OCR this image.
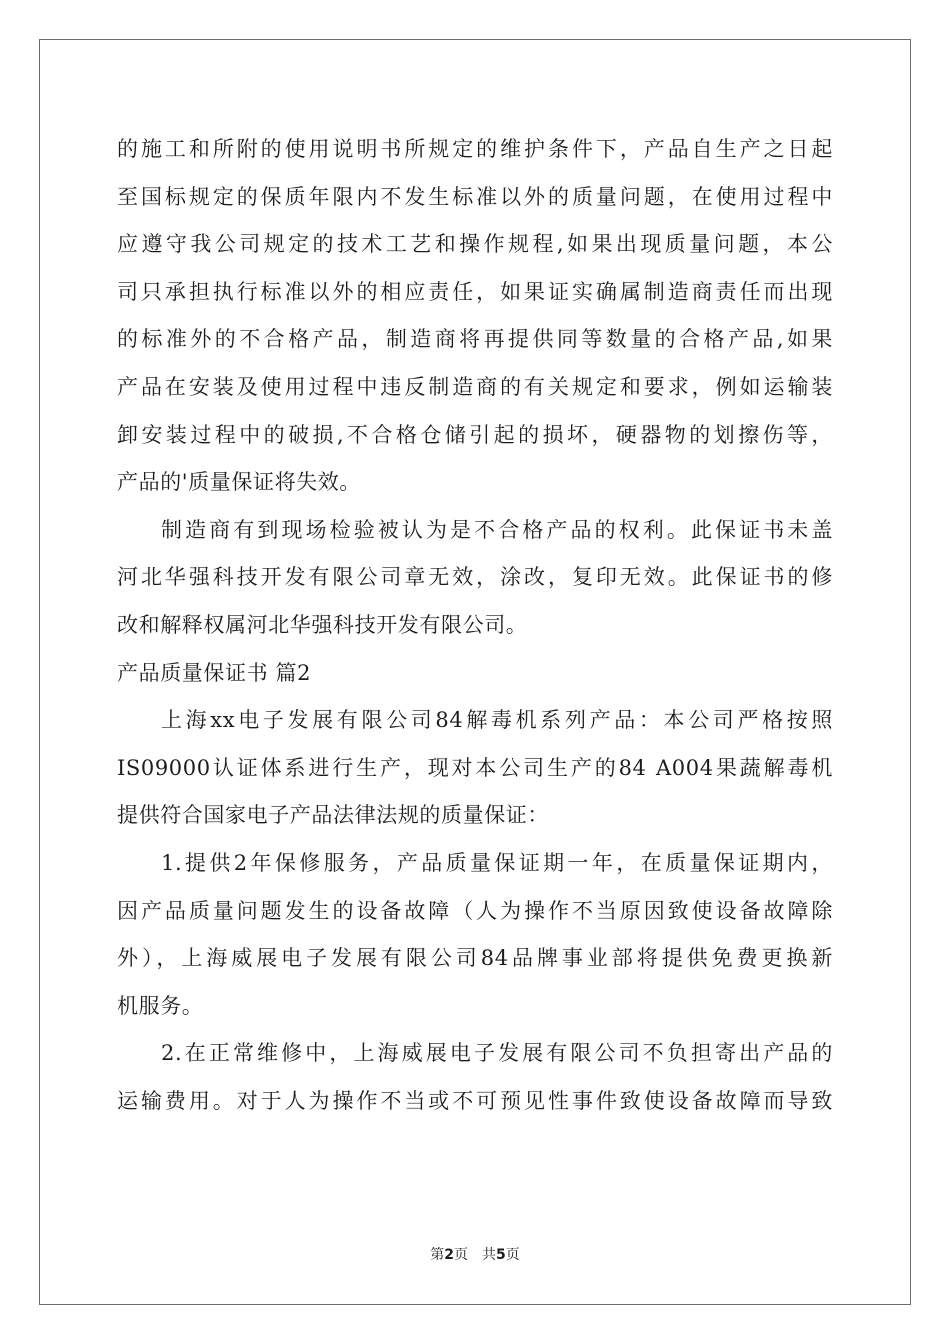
的施工和所附的使用说明书所规定的维护条件下，产品自生产之日起
至国标规定的保质年限内不发生标准以外的质量问题，在使用过程中
应遵守我公司规定的技术工艺和操作规程,如果出现质量问题，本公
司只承担执行标准以外的相应责任，如果证实确属制造商责任而出现
的标准外的不合格产品，制造商将再提供同等数量的合格产品,如果
产品在安装及使用过程中违反制造商的有关规定和要求，例如运输装
卸安装过程中的破损,不合格仓储引起的损坏，硬器物的划擦伤等，
产品的'质量保证将失效。
制造商有到现场检验被认为是不合格产品的权利。此保证书未盖
河北华强科技开发有限公司章无效，涂改，复印无效。此保证书的修
改和解释权属河北华强科技开发有限公司。
产品质量保证书 篇2
上海xx电子发展有限公司84解毒机系列产品：本公司严格按照
IS09000认证体系进行生产，现对本公司生产的84 A004果蔬解毒机
提供符合国家电子产品法律法规的质量保证：
1.提供2年保修服务，产品质量保证期一年，在质量保证期内，
因产品质量问题发生的设备故障（人为操作不当原因致使设备故障除
外），上海威展电子发展有限公司84品牌事业部将提供免费更换新
机服务。
2.在正常维修中，上海威展电子发展有限公司不负担寄出产品的
运输费用。对于人为操作不当或不可预见性事件致使设备故障而导致
第2页　共5页
